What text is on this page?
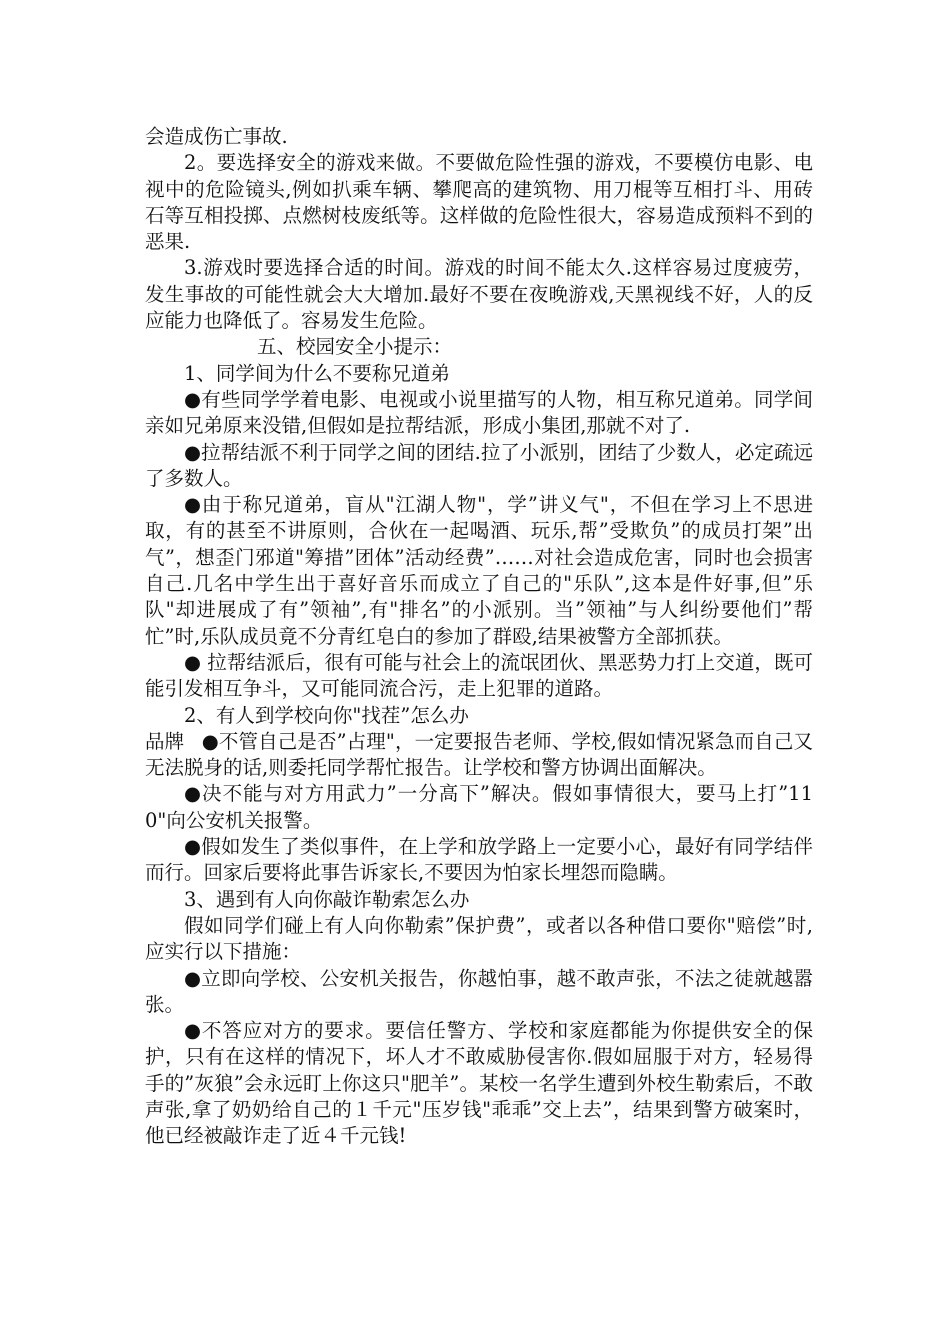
会造成伤亡事故.

2。要选择安全的游戏来做。不要做危险性强的游戏，不要模仿电影、电视中的危险镜头,例如扒乘车辆、攀爬高的建筑物、用刀棍等互相打斗、用砖石等互相投掷、点燃树枝废纸等。这样做的危险性很大，容易造成预料不到的恶果.

3.游戏时要选择合适的时间。游戏的时间不能太久.这样容易过度疲劳，发生事故的可能性就会大大增加.最好不要在夜晚游戏,天黑视线不好，人的反应能力也降低了。容易发生危险。

五、校园安全小提示：

1、同学间为什么不要称兄道弟

●有些同学学着电影、电视或小说里描写的人物，相互称兄道弟。同学间亲如兄弟原来没错,但假如是拉帮结派，形成小集团,那就不对了.

●拉帮结派不利于同学之间的团结.拉了小派别，团结了少数人，必定疏远了多数人。

●由于称兄道弟，盲从"江湖人物"，学”讲义气"，不但在学习上不思进取，有的甚至不讲原则，合伙在一起喝酒、玩乐,帮”受欺负”的成员打架”出气”，想歪门邪道"筹措”团体”活动经费”……对社会造成危害，同时也会损害自己.几名中学生出于喜好音乐而成立了自己的"乐队”,这本是件好事,但”乐队"却进展成了有”领袖”,有"排名”的小派别。当”领袖”与人纠纷要他们”帮忙”时,乐队成员竟不分青红皂白的参加了群殴,结果被警方全部抓获。

● 拉帮结派后，很有可能与社会上的流氓团伙、黑恶势力打上交道，既可能引发相互争斗，又可能同流合污，走上犯罪的道路。

2、有人到学校向你"找茬”怎么办

品牌 ●不管自己是否”占理"，一定要报告老师、学校,假如情况紧急而自己又无法脱身的话,则委托同学帮忙报告。让学校和警方协调出面解决。

●决不能与对方用武力”一分高下”解决。假如事情很大，要马上打”110"向公安机关报警。

●假如发生了类似事件，在上学和放学路上一定要小心，最好有同学结伴而行。回家后要将此事告诉家长,不要因为怕家长埋怨而隐瞒。

3、遇到有人向你敲诈勒索怎么办

假如同学们碰上有人向你勒索”保护费”，或者以各种借口要你"赔偿”时,应实行以下措施：

●立即向学校、公安机关报告，你越怕事，越不敢声张，不法之徒就越嚣张。

●不答应对方的要求。要信任警方、学校和家庭都能为你提供安全的保护，只有在这样的情况下，坏人才不敢威胁侵害你.假如屈服于对方，轻易得手的”灰狼”会永远盯上你这只"肥羊”。某校一名学生遭到外校生勒索后，不敢声张,拿了奶奶给自己的１千元"压岁钱"乖乖”交上去”，结果到警方破案时，他已经被敲诈走了近４千元钱!
